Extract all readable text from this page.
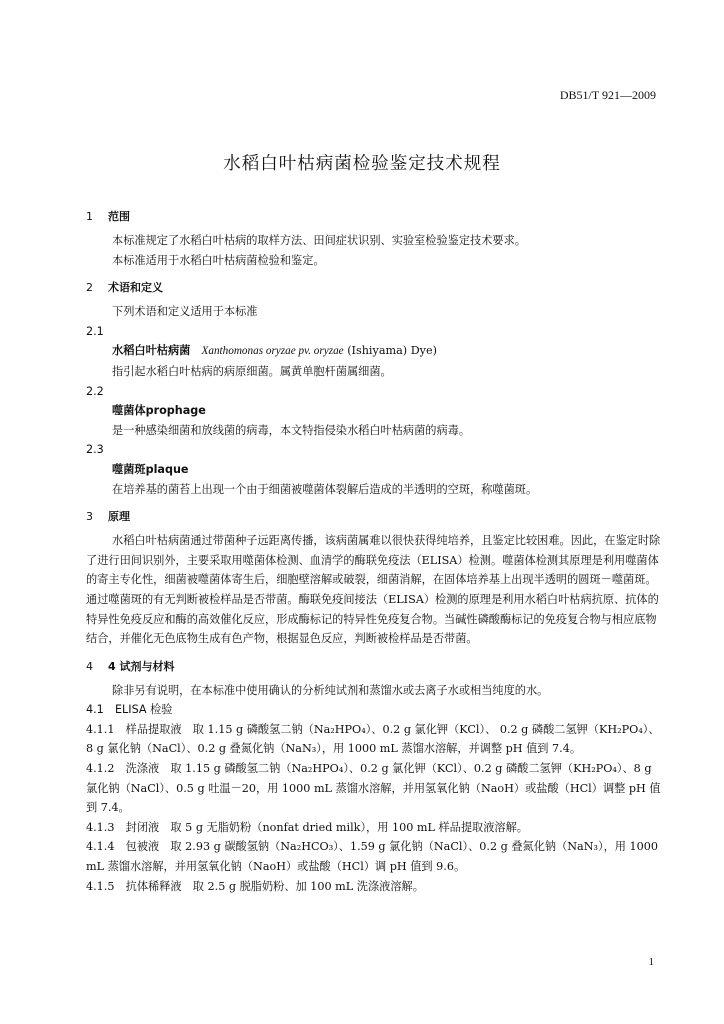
DB51/T 921—2009
水稻白叶枯病菌检验鉴定技术规程
1 范围

本标准规定了水稻白叶枯病的取样方法、田间症状识别、实验室检验鉴定技术要求。

本标准适用于水稻白叶枯病菌检验和鉴定。

2 术语和定义

下列术语和定义适用于本标准

2.1

水稻白叶枯病菌　 Xanthomonas oryzae pv. oryzae (Ishiyama) Dye)

指引起水稻白叶枯病的病原细菌。属黄单胞杆菌属细菌。

2.2

噬菌体prophage

是一种感染细菌和放线菌的病毒，本文特指侵染水稻白叶枯病菌的病毒。

2.3

噬菌斑plaque

在培养基的菌苔上出现一个由于细菌被噬菌体裂解后造成的半透明的空斑，称噬菌斑。

3 原理

水稻白叶枯病菌通过带菌种子远距离传播，该病菌属难以很快获得纯培养，且鉴定比较困难。因此，在鉴定时除了进行田间识别外，主要采取用噬菌体检测、血清学的酶联免疫法（ELISA）检测。噬菌体检测其原理是利用噬菌体的寄主专化性，细菌被噬菌体寄生后，细胞壁溶解或破裂，细菌消解，在固体培养基上出现半透明的圆斑－噬菌斑。通过噬菌斑的有无判断被检样品是否带菌。酶联免疫间接法（ELISA）检测的原理是利用水稻白叶枯病抗原、抗体的特异性免疫反应和酶的高效催化反应，形成酶标记的特异性免疫复合物。当碱性磷酸酶标记的免疫复合物与相应底物结合，并催化无色底物生成有色产物，根据显色反应，判断被检样品是否带菌。

4 4 试剂与材料

除非另有说明，在本标准中使用确认的分析纯试剂和蒸馏水或去离子水或相当纯度的水。

4.1　ELISA 检验

4.1.1　样品提取液　取 1.15 g 磷酸氢二钠（Na₂HPO₄）、0.2 g 氯化钾（KCl）、 0.2 g 磷酸二氢钾（KH₂PO₄）、8 g 氯化钠（NaCl）、0.2 g 叠氮化钠（NaN₃），用 1000 mL 蒸馏水溶解，并调整 pH 值到 7.4。

4.1.2　洗涤液　取 1.15 g 磷酸氢二钠（Na₂HPO₄）、0.2 g 氯化钾（KCl）、0.2 g 磷酸二氢钾（KH₂PO₄）、8 g 氯化钠（NaCl）、0.5 g 吐温－20，用 1000 mL 蒸馏水溶解，并用氢氧化钠（NaoH）或盐酸（HCl）调整 pH 值到 7.4。

4.1.3　封闭液　取 5 g 无脂奶粉（nonfat dried milk），用 100 mL 样品提取液溶解。

4.1.4　包被液　取 2.93 g 碳酸氢钠（Na₂HCO₃）、1.59 g 氯化钠（NaCl）、0.2 g 叠氮化钠（NaN₃），用 1000 mL 蒸馏水溶解，并用氢氧化钠（NaoH）或盐酸（HCl）调 pH 值到 9.6。

4.1.5　抗体稀释液　取 2.5 g 脱脂奶粉、加 100 mL 洗涤液溶解。

1
